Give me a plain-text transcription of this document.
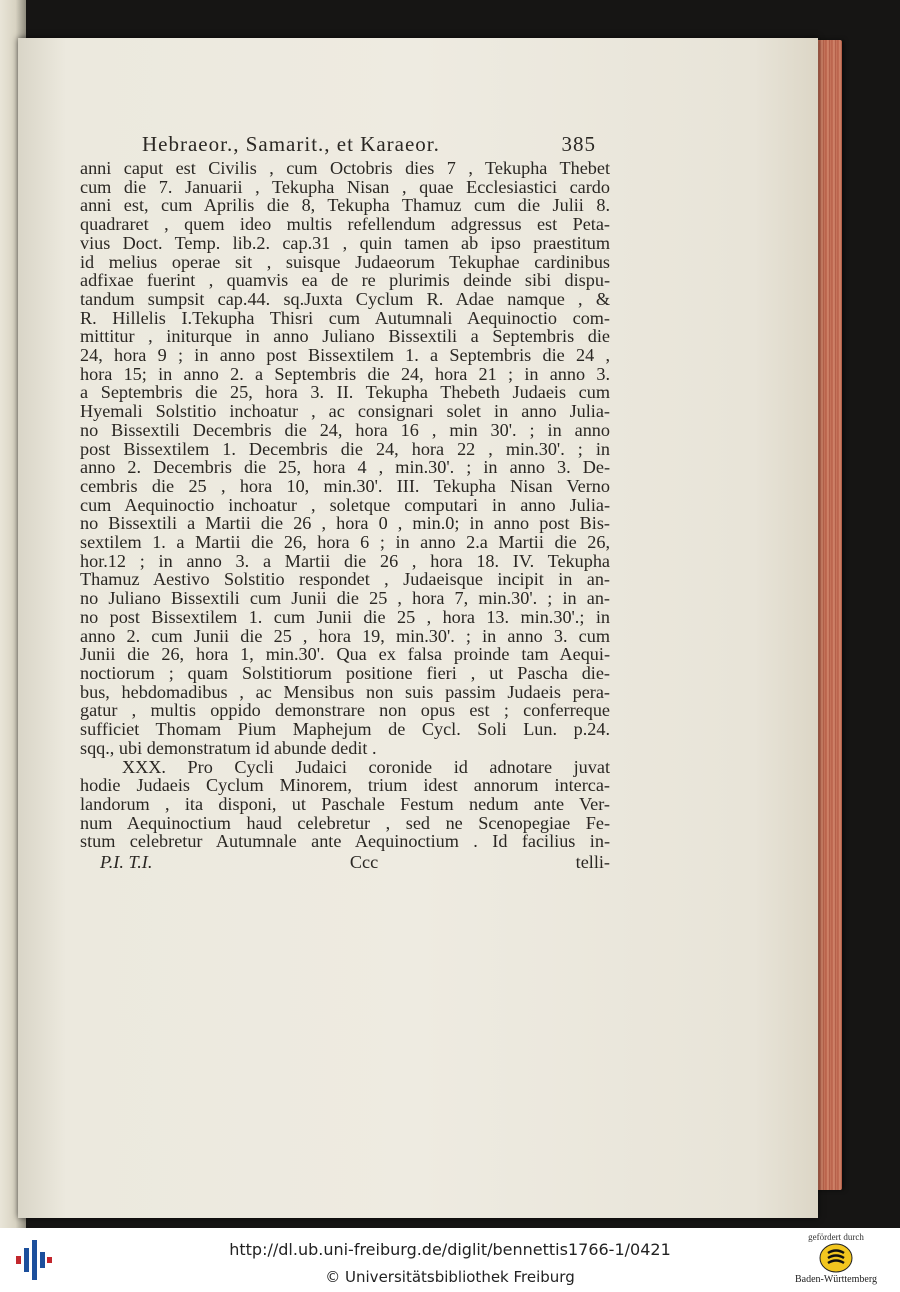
Hebraeor., Samarit., et Karaeor.	385
anni caput est Civilis , cum Octobris dies 7 , Tekupha Thebet
cum die 7. Januarii , Tekupha Nisan , quae Ecclesiastici cardo
anni est, cum Aprilis die 8, Tekupha Thamuz cum die Julii 8.
quadraret , quem ideo multis refellendum adgressus est Peta-
vius Doct. Temp. lib.2. cap.31 , quin tamen ab ipso praestitum
id melius operae sit , suisque Judaeorum Tekuphae cardinibus
adfixae fuerint , quamvis ea de re plurimis deinde sibi dispu-
tandum sumpsit cap.44. sq.Juxta Cyclum R. Adae namque , &
R. Hillelis I.Tekupha Thisri cum Autumnali Aequinoctio com-
mittitur , initurque in anno Juliano Bissextili a Septembris die
24, hora 9 ; in anno post Bissextilem 1. a Septembris die 24 ,
hora 15; in anno 2. a Septembris die 24, hora 21 ; in anno 3.
a Septembris die 25, hora 3. II. Tekupha Thebeth Judaeis cum
Hyemali Solstitio inchoatur , ac consignari solet in anno Julia-
no Bissextili Decembris die 24, hora 16 , min 30'. ; in anno
post Bissextilem 1. Decembris die 24, hora 22 , min.30'. ; in
anno 2. Decembris die 25, hora 4 , min.30'. ; in anno 3. De-
cembris die 25 , hora 10, min.30'. III. Tekupha Nisan Verno
cum Aequinoctio inchoatur , soletque computari in anno Julia-
no Bissextili a Martii die 26 , hora 0 , min.0; in anno post Bis-
sextilem 1. a Martii die 26, hora 6 ; in anno 2.a Martii die 26,
hor.12 ; in anno 3. a Martii die 26 , hora 18. IV. Tekupha
Thamuz Aestivo Solstitio respondet , Judaeisque incipit in an-
no Juliano Bissextili cum Junii die 25 , hora 7, min.30'. ; in an-
no post Bissextilem 1. cum Junii die 25 , hora 13. min.30'.; in
anno 2. cum Junii die 25 , hora 19, min.30'. ; in anno 3. cum
Junii die 26, hora 1, min.30'. Qua ex falsa proinde tam Aequi-
noctiorum ; quam Solstitiorum positione fieri , ut Pascha die-
bus, hebdomadibus , ac Mensibus non suis passim Judaeis pera-
gatur , multis oppido demonstrare non opus est ; conferreque
sufficiet Thomam Pium Maphejum de Cycl. Soli Lun. p.24.
sqq., ubi demonstratum id abunde dedit .
XXX. Pro Cycli Judaici coronide id adnotare juvat
hodie Judaeis Cyclum Minorem, trium idest annorum interca-
landorum , ita disponi, ut Paschale Festum nedum ante Ver-
num Aequinoctium haud celebretur , sed ne Scenopegiae Fe-
stum celebretur Autumnale ante Aequinoctium . Id facilius in-
P.I. T.I.	Ccc	telli-
http://dl.ub.uni-freiburg.de/diglit/bennettis1766-1/0421
© Universitätsbibliothek Freiburg
gefördert durch
Baden-Württemberg
